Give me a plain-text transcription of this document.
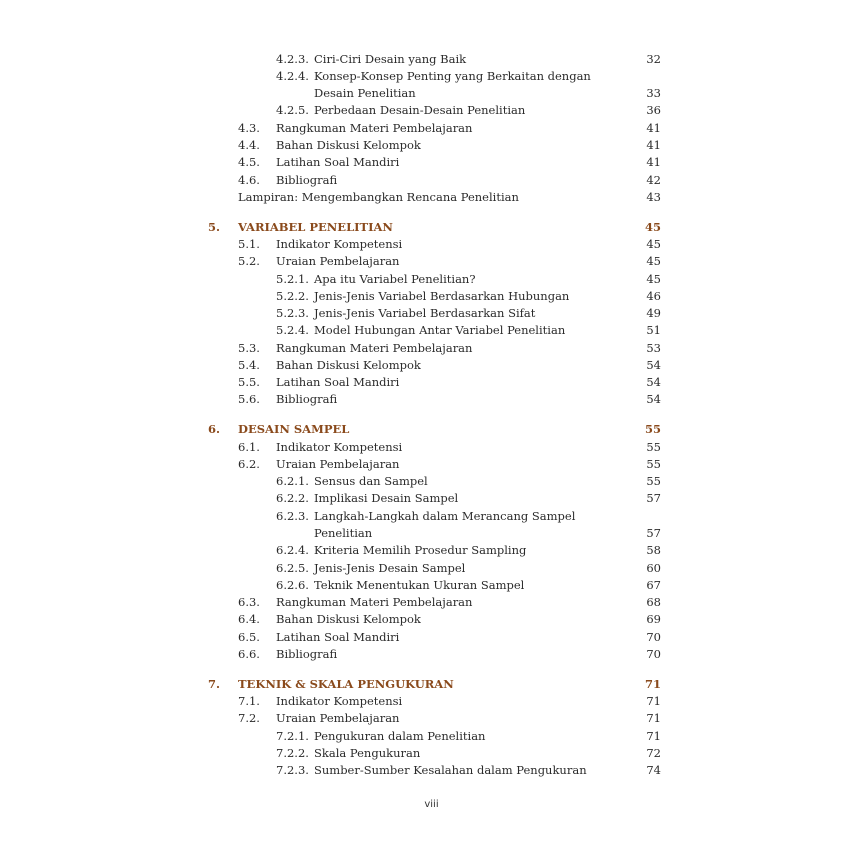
4.2.3. Ciri-Ciri Desain yang Baik	32
4.2.4. Konsep-Konsep Penting yang Berkaitan dengan
Desain Penelitian	33
4.2.5. Perbedaan Desain-Desain Penelitian	36
4.3. Rangkuman Materi Pembelajaran	41
4.4. Bahan Diskusi Kelompok	41
4.5. Latihan Soal Mandiri	41
4.6. Bibliografi	42
Lampiran: Mengembangkan Rencana Penelitian	43
5. VARIABEL PENELITIAN	45
5.1. Indikator Kompetensi	45
5.2. Uraian Pembelajaran	45
5.2.1. Apa itu Variabel Penelitian?	45
5.2.2. Jenis-Jenis Variabel Berdasarkan Hubungan	46
5.2.3. Jenis-Jenis Variabel Berdasarkan Sifat	49
5.2.4. Model Hubungan Antar Variabel Penelitian	51
5.3. Rangkuman Materi Pembelajaran	53
5.4. Bahan Diskusi Kelompok	54
5.5. Latihan Soal Mandiri	54
5.6. Bibliografi	54
6. DESAIN SAMPEL	55
6.1. Indikator Kompetensi	55
6.2. Uraian Pembelajaran	55
6.2.1. Sensus dan Sampel	55
6.2.2. Implikasi Desain Sampel	57
6.2.3. Langkah-Langkah dalam Merancang Sampel
Penelitian	57
6.2.4. Kriteria Memilih Prosedur Sampling	58
6.2.5. Jenis-Jenis Desain Sampel	60
6.2.6. Teknik Menentukan Ukuran Sampel	67
6.3. Rangkuman Materi Pembelajaran	68
6.4. Bahan Diskusi Kelompok	69
6.5. Latihan Soal Mandiri	70
6.6. Bibliografi	70
7. TEKNIK & SKALA PENGUKURAN	71
7.1. Indikator Kompetensi	71
7.2. Uraian Pembelajaran	71
7.2.1. Pengukuran dalam Penelitian	71
7.2.2. Skala Pengukuran	72
7.2.3. Sumber-Sumber Kesalahan dalam Pengukuran	74
viii
